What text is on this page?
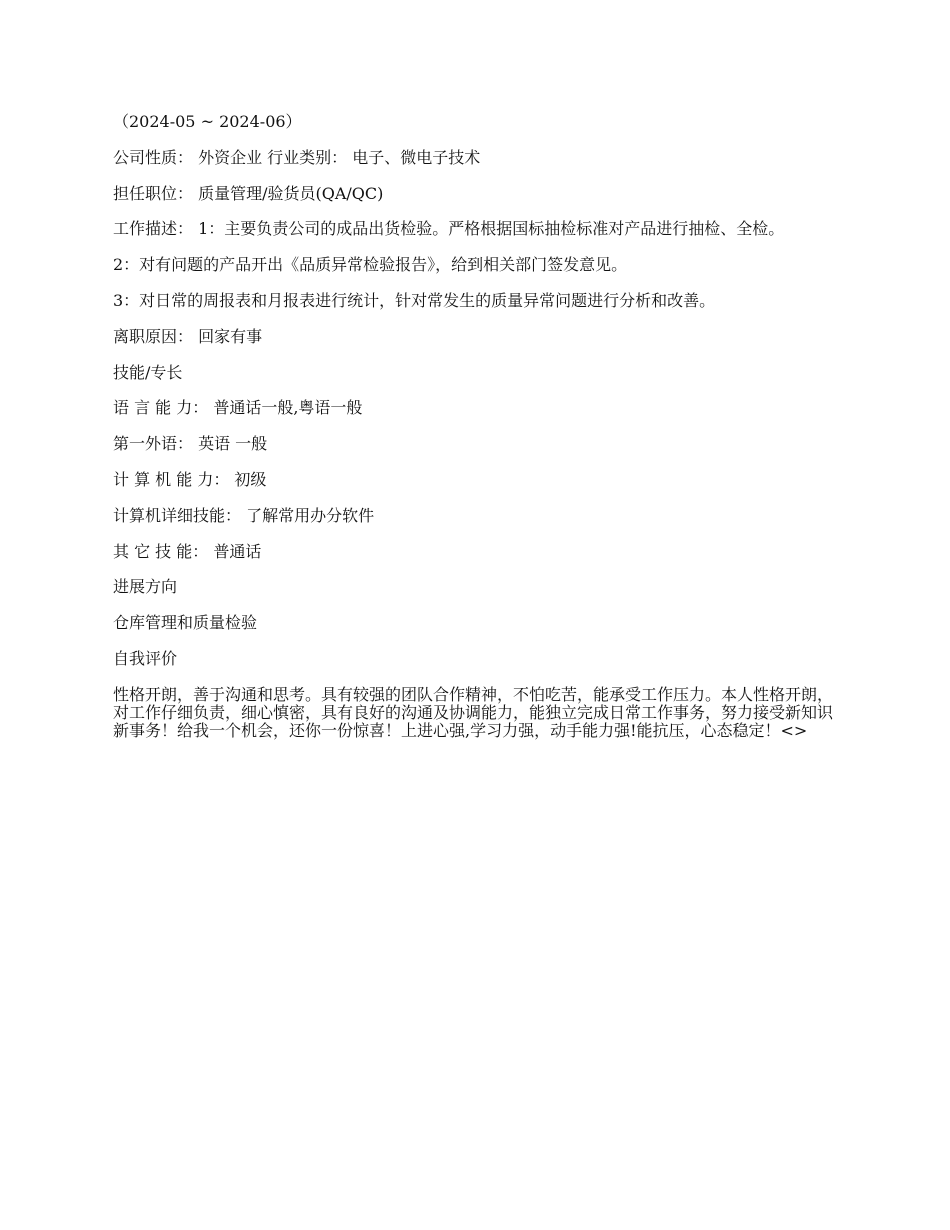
（2024-05 ~ 2024-06）
公司性质： 外资企业 行业类别： 电子、微电子技术
担任职位： 质量管理/验货员(QA/QC)
工作描述： 1：主要负责公司的成品出货检验。严格根据国标抽检标准对产品进行抽检、全检。
2：对有问题的产品开出《品质异常检验报告》，给到相关部门签发意见。
3：对日常的周报表和月报表进行统计，针对常发生的质量异常问题进行分析和改善。
离职原因： 回家有事
技能/专长
语 言 能 力： 普通话一般,粤语一般
第一外语： 英语 一般
计 算 机 能 力： 初级
计算机详细技能： 了解常用办分软件
其 它 技 能： 普通话
进展方向
仓库管理和质量检验
自我评价
性格开朗，善于沟通和思考。具有较强的团队合作精神，不怕吃苦，能承受工作压力。本人性格开朗，对工作仔细负责，细心慎密，具有良好的沟通及协调能力，能独立完成日常工作事务，努力接受新知识新事务！给我一个机会，还你一份惊喜！上进心强,学习力强，动手能力强!能抗压，心态稳定！<>
